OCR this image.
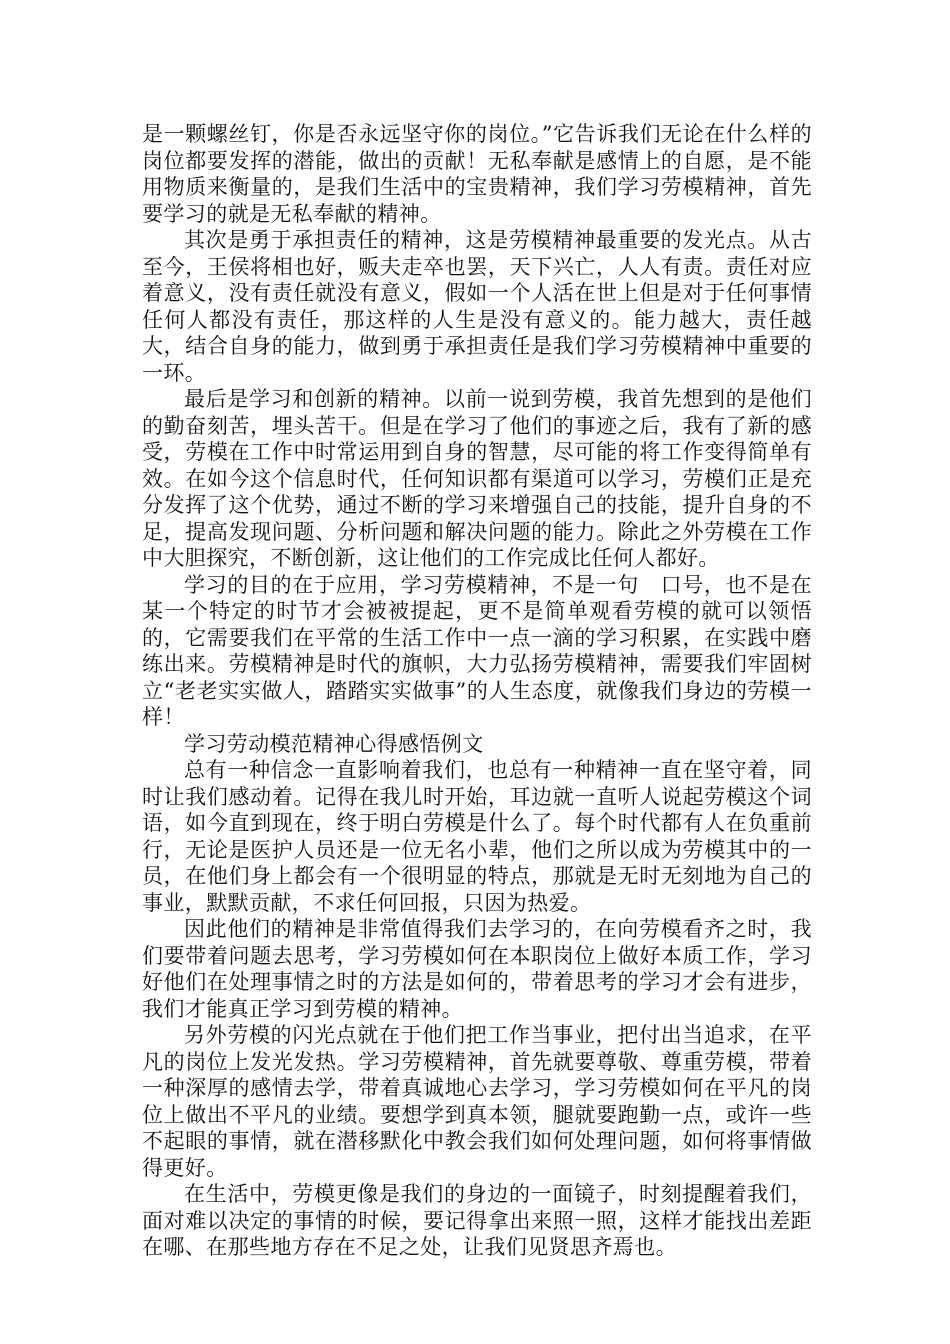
是一颗螺丝钉，你是否永远坚守你的岗位。”它告诉我们无论在什么样的岗位都要发挥的潜能，做出的贡献！无私奉献是感情上的自愿，是不能用物质来衡量的，是我们生活中的宝贵精神，我们学习劳模精神，首先要学习的就是无私奉献的精神。

其次是勇于承担责任的精神，这是劳模精神最重要的发光点。从古至今，王侯将相也好，贩夫走卒也罢，天下兴亡，人人有责。责任对应着意义，没有责任就没有意义，假如一个人活在世上但是对于任何事情任何人都没有责任，那这样的人生是没有意义的。能力越大，责任越大，结合自身的能力，做到勇于承担责任是我们学习劳模精神中重要的一环。

最后是学习和创新的精神。以前一说到劳模，我首先想到的是他们的勤奋刻苦，埋头苦干。但是在学习了他们的事迹之后，我有了新的感受，劳模在工作中时常运用到自身的智慧，尽可能的将工作变得简单有效。在如今这个信息时代，任何知识都有渠道可以学习，劳模们正是充分发挥了这个优势，通过不断的学习来增强自己的技能，提升自身的不足，提高发现问题、分析问题和解决问题的能力。除此之外劳模在工作中大胆探究，不断创新，这让他们的工作完成比任何人都好。

学习的目的在于应用，学习劳模精神，不是一句　口号，也不是在某一个特定的时节才会被被提起，更不是简单观看劳模的就可以领悟的，它需要我们在平常的生活工作中一点一滴的学习积累，在实践中磨练出来。劳模精神是时代的旗帜，大力弘扬劳模精神，需要我们牢固树立“老老实实做人，踏踏实实做事”的人生态度，就像我们身边的劳模一样！

学习劳动模范精神心得感悟例文

总有一种信念一直影响着我们，也总有一种精神一直在坚守着，同时让我们感动着。记得在我儿时开始，耳边就一直听人说起劳模这个词语，如今直到现在，终于明白劳模是什么了。每个时代都有人在负重前行，无论是医护人员还是一位无名小辈，他们之所以成为劳模其中的一员，在他们身上都会有一个很明显的特点，那就是无时无刻地为自己的事业，默默贡献，不求任何回报，只因为热爱。

因此他们的精神是非常值得我们去学习的，在向劳模看齐之时，我们要带着问题去思考，学习劳模如何在本职岗位上做好本质工作，学习好他们在处理事情之时的方法是如何的，带着思考的学习才会有进步，我们才能真正学习到劳模的精神。

另外劳模的闪光点就在于他们把工作当事业，把付出当追求，在平凡的岗位上发光发热。学习劳模精神，首先就要尊敬、尊重劳模，带着一种深厚的感情去学，带着真诚地心去学习，学习劳模如何在平凡的岗位上做出不平凡的业绩。要想学到真本领，腿就要跑勤一点，或许一些不起眼的事情，就在潜移默化中教会我们如何处理问题，如何将事情做得更好。

在生活中，劳模更像是我们的身边的一面镜子，时刻提醒着我们，面对难以决定的事情的时候，要记得拿出来照一照，这样才能找出差距在哪、在那些地方存在不足之处，让我们见贤思齐焉也。
